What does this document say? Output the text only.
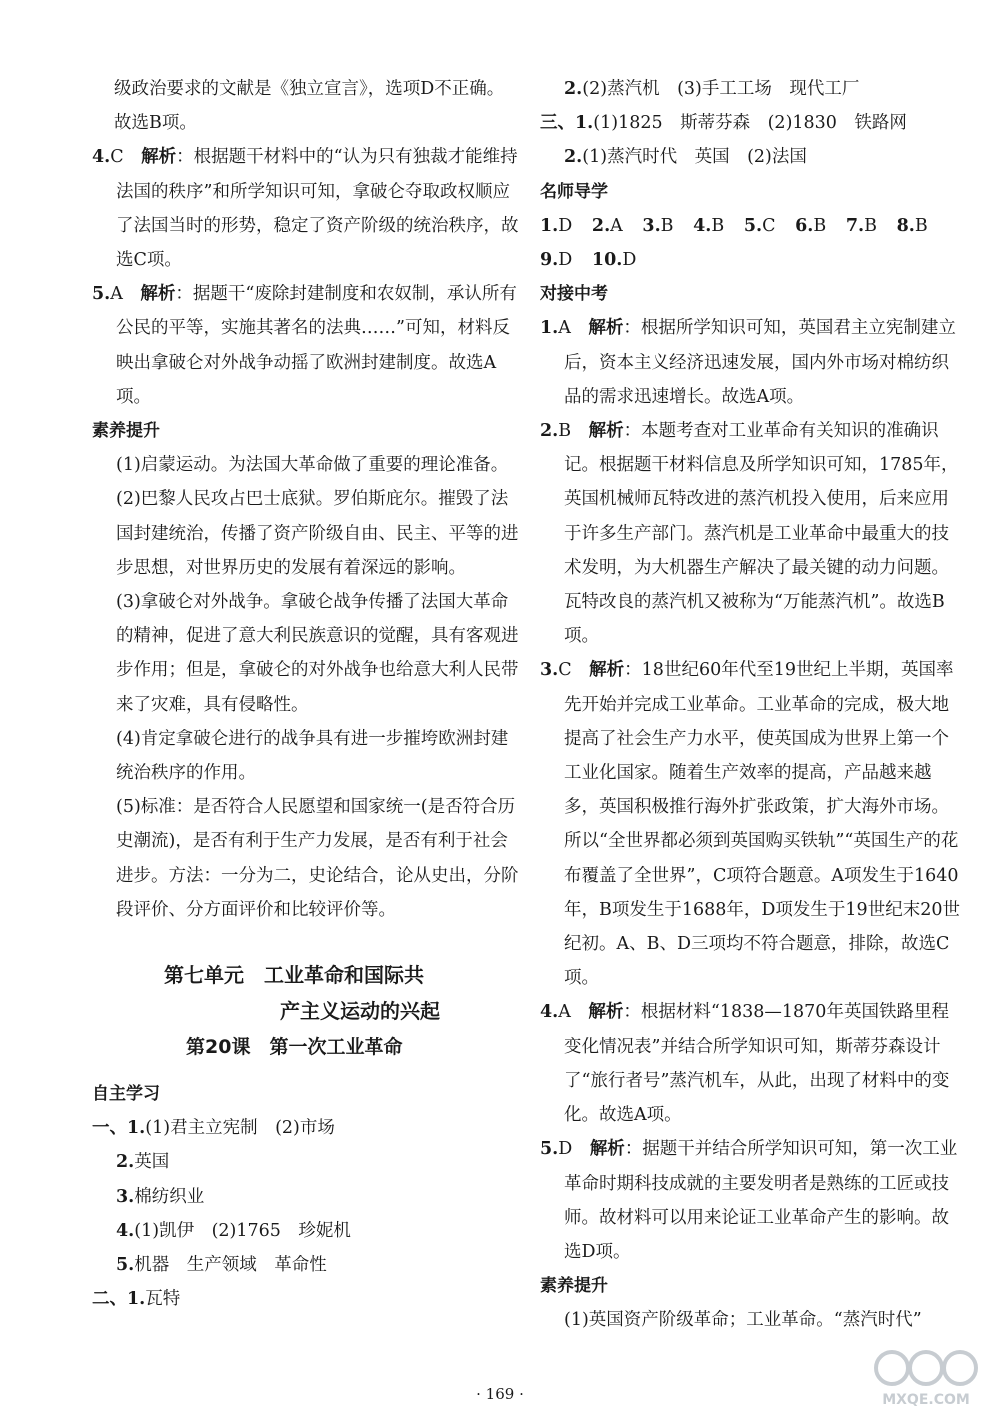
级政治要求的文献是《独立宣言》，选项D不正确。
故选B项。

4.C　 解析：根据题干材料中的“认为只有独裁才能维持法国的秩序”和所学知识可知，拿破仑夺取政权顺应了法国当时的形势，稳定了资产阶级的统治秩序，故选C项。

5.A　 解析：据题干“废除封建制度和农奴制，承认所有公民的平等，实施其著名的法典……”可知，材料反映出拿破仑对外战争动摇了欧洲封建制度。故选A项。

素养提升

(1)启蒙运动。为法国大革命做了重要的理论准备。

(2)巴黎人民攻占巴士底狱。罗伯斯庇尔。摧毁了法国封建统治，传播了资产阶级自由、民主、平等的进步思想，对世界历史的发展有着深远的影响。

(3)拿破仑对外战争。拿破仑战争传播了法国大革命的精神，促进了意大利民族意识的觉醒，具有客观进步作用；但是，拿破仑的对外战争也给意大利人民带来了灾难，具有侵略性。

(4)肯定拿破仑进行的战争具有进一步摧垮欧洲封建统治秩序的作用。

(5)标准：是否符合人民愿望和国家统一(是否符合历史潮流)，是否有利于生产力发展，是否有利于社会进步。方法：一分为二，史论结合，论从史出，分阶段评价、分方面评价和比较评价等。

第七单元　工业革命和国际共

产主义运动的兴起

第20课　第一次工业革命

自主学习

一、1.(1)君主立宪制　(2)市场

2.英国

3.棉纺织业

4.(1)凯伊　(2)1765　珍妮机

5.机器　生产领域　革命性

二、1.瓦特

2.(2)蒸汽机　(3)手工工场　现代工厂

三、1.(1)1825　斯蒂芬森　(2)1830　铁路网

2.(1)蒸汽时代　英国　(2)法国

名师导学

1.D 2.A 3.B 4.B 5.C 6.B 7.B 8.B

9.D 10.D

对接中考

1.A　 解析：根据所学知识可知，英国君主立宪制建立后，资本主义经济迅速发展，国内外市场对棉纺织品的需求迅速增长。故选A项。

2.B　 解析：本题考查对工业革命有关知识的准确识记。根据题干材料信息及所学知识可知，1785年，英国机械师瓦特改进的蒸汽机投入使用，后来应用于许多生产部门。蒸汽机是工业革命中最重大的技术发明，为大机器生产解决了最关键的动力问题。瓦特改良的蒸汽机又被称为“万能蒸汽机”。故选B项。

3.C　 解析：18世纪60年代至19世纪上半期，英国率先开始并完成工业革命。工业革命的完成，极大地提高了社会生产力水平，使英国成为世界上第一个工业化国家。随着生产效率的提高，产品越来越多，英国积极推行海外扩张政策，扩大海外市场。所以“全世界都必须到英国购买铁轨”“英国生产的花布覆盖了全世界”，C项符合题意。A项发生于1640年，B项发生于1688年，D项发生于19世纪末20世纪初。A、B、D三项均不符合题意，排除，故选C项。

4.A　 解析：根据材料“1838—1870年英国铁路里程变化情况表”并结合所学知识可知，斯蒂芬森设计了“旅行者号”蒸汽机车，从此，出现了材料中的变化。故选A项。

5.D　 解析：据题干并结合所学知识可知，第一次工业革命时期科技成就的主要发明者是熟练的工匠或技师。故材料可以用来论证工业革命产生的影响。故选D项。

素养提升

(1)英国资产阶级革命；工业革命。“蒸汽时代”

· 169 ·	MXQE.COM
